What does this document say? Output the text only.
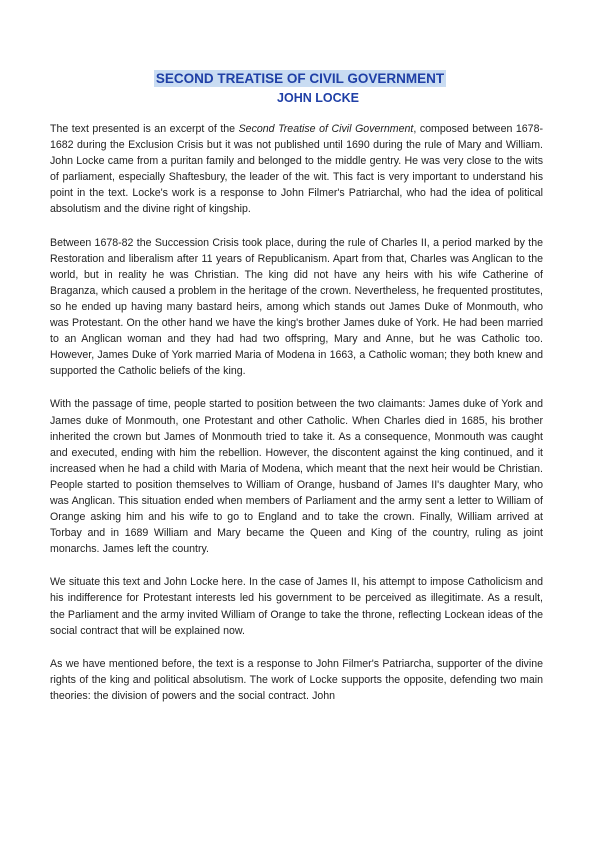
SECOND TREATISE OF CIVIL GOVERNMENT
JOHN LOCKE

The text presented is an excerpt of the Second Treatise of Civil Government, composed between 1678-1682 during the Exclusion Crisis but it was not published until 1690 during the rule of Mary and William. John Locke came from a puritan family and belonged to the middle gentry. He was very close to the wits of parliament, especially Shaftesbury, the leader of the wit. This fact is very important to understand his point in the text. Locke's work is a response to John Filmer's Patriarchal, who had the idea of political absolutism and the divine right of kingship.

Between 1678-82 the Succession Crisis took place, during the rule of Charles II, a period marked by the Restoration and liberalism after 11 years of Republicanism. Apart from that, Charles was Anglican to the world, but in reality he was Christian. The king did not have any heirs with his wife Catherine of Braganza, which caused a problem in the heritage of the crown. Nevertheless, he frequented prostitutes, so he ended up having many bastard heirs, among which stands out James Duke of Monmouth, who was Protestant. On the other hand we have the king's brother James duke of York. He had been married to an Anglican woman and they had had two offspring, Mary and Anne, but he was Catholic too. However, James Duke of York married Maria of Modena in 1663, a Catholic woman; they both knew and supported the Catholic beliefs of the king.

With the passage of time, people started to position between the two claimants: James duke of York and James duke of Monmouth, one Protestant and other Catholic. When Charles died in 1685, his brother inherited the crown but James of Monmouth tried to take it. As a consequence, Monmouth was caught and executed, ending with him the rebellion. However, the discontent against the king continued, and it increased when he had a child with Maria of Modena, which meant that the next heir would be Christian. People started to position themselves to William of Orange, husband of James II's daughter Mary, who was Anglican. This situation ended when members of Parliament and the army sent a letter to William of Orange asking him and his wife to go to England and to take the crown. Finally, William arrived at Torbay and in 1689 William and Mary became the Queen and King of the country, ruling as joint monarchs. James left the country.

We situate this text and John Locke here. In the case of James II, his attempt to impose Catholicism and his indifference for Protestant interests led his government to be perceived as illegitimate. As a result, the Parliament and the army invited William of Orange to take the throne, reflecting Lockean ideas of the social contract that will be explained now.

As we have mentioned before, the text is a response to John Filmer's Patriarcha, supporter of the divine rights of the king and political absolutism. The work of Locke supports the opposite, defending two main theories: the division of powers and the social contract. John
